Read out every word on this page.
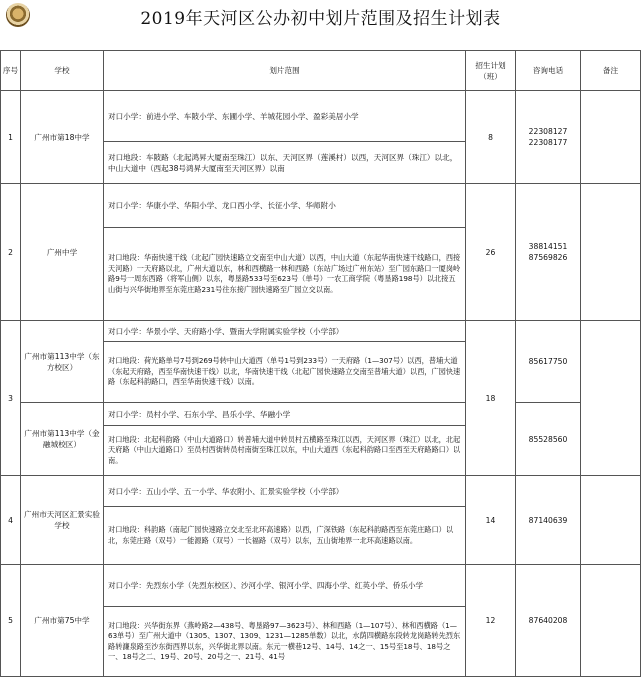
2019年天河区公办初中划片范围及招生计划表
序号	学校	划片范围	招生计划（班）	咨询电话	备注
1	广州市第18中学	对口小学：前进小学、车陂小学、东圃小学、羊城花园小学、盈彩美居小学	8	22308127 22308177	
		对口地段：车陂路（北起鸿昇大厦南至珠江）以东、天河区界（莲溪村）以西，天河区界（珠江）以北，中山大道中（西起38号鸿昇大厦南至天河区界）以南			
2	广州中学	对口小学：华康小学、华阳小学、龙口西小学、长征小学、华师附小	26	38814151 87569826	
		对口地段：华南快速干线（北起广园快速路立交南至中山大道）以西，中山大道（东起华南快速干线路口，西接天河路）一天府路以北，广州大道以东，林和西横路一林和西路（东站广场过广州东站）至广园东路口一厦岗岭路9号一周东西路（将军山侧）以东，粤垦路533号至623号（单号）一农工商学院（粤垦路198号）以北接五山街与兴华街地界至东莞庄路231号往东接广园快速路至广园立交以南。			
3	广州市第113中学（东方校区）	对口小学：华景小学、天府路小学、暨南大学附属实验学校（小学部）	18	85617750	
		对口地段：荷光路单号7号到269号转中山大道西（单号1号到233号）一天府路（1—307号）以西，普埔大道（东起天府路，西至华南快速干线）以北，华南快速干线（北起广园快速路立交南至普埔大道）以西，广园快速路（东起科韵路口，西至华南快速干线）以南。			
	广州市第113中学（金融城校区）	对口小学：员村小学、石东小学、昌乐小学、华融小学		85528560	
		对口地段：北起科韵路（中山大道路口）转普埔大道中转员村五横路至珠江以西，天河区界（珠江）以北，北起天府路（中山大道路口）至员村西街转员村南街至珠江以东，中山大道西（东起科韵路口至西至天府路路口）以南。			
4	广州市天河区汇景实验学校	对口小学：五山小学、五一小学、华农附小、汇景实验学校（小学部）	14	87140639	
		对口地段：科韵路（南起广园快速路立交北至北环高速路）以西，广深铁路（东起科韵路西至东莞庄路口）以北，东莞庄路（双号）一能源路（双号）一长福路（双号）以东，五山街地界一北环高速路以南。			
5	广州市第75中学	对口小学：先烈东小学（先烈东校区）、沙河小学、银河小学、四海小学、红英小学、侨乐小学	12	87640208	
		对口地段：兴华街东界（燕岭路2—438号、粤垦路97—3623号）、林和西路（1—107号）、林和西横路（1—63单号）至广州大道中（1305、1307、1309、1231—1285单数）以北，水荫四横路东段转龙岗路转先烈东路转濂泉路至沙东街西界以东，兴华街北界以南。东元一横巷12号、14号、14之一、15号至18号、18号之一、18号之二、19号、20号、20号之一、21号、41号			
